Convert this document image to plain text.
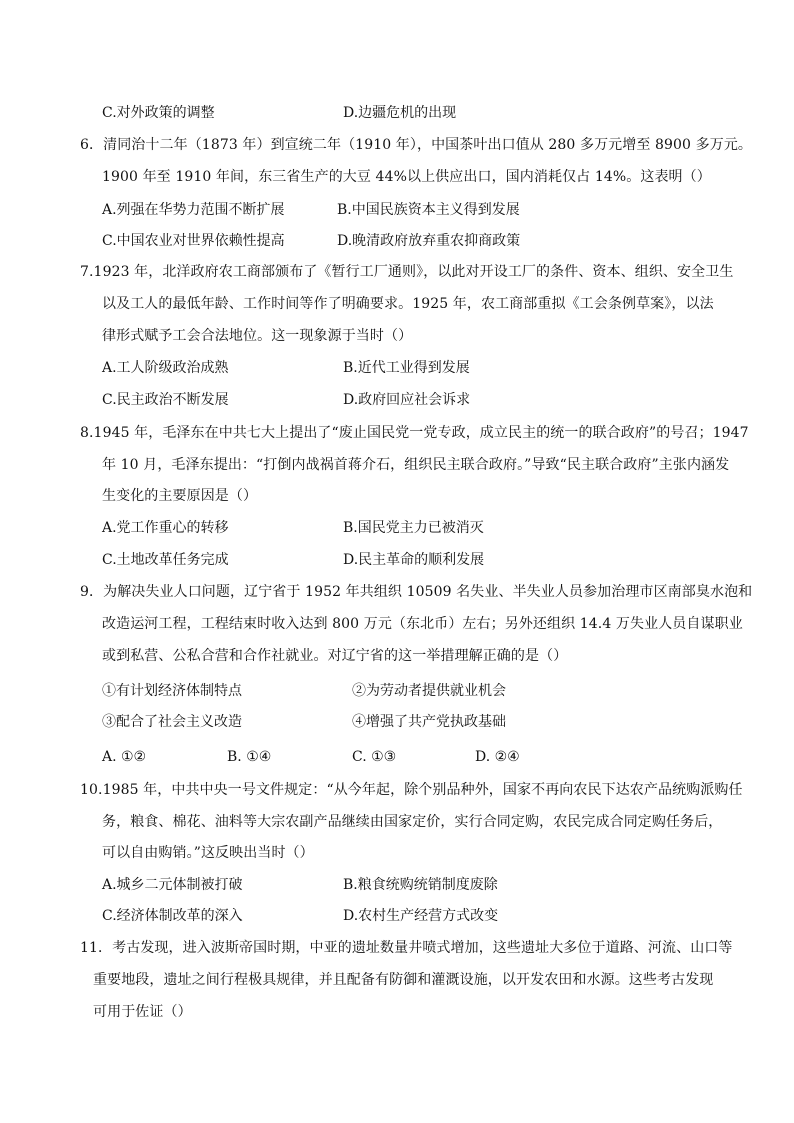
C.对外政策的调整	D.边疆危机的出现
6．清同治十二年（1873 年）到宣统二年（1910 年），中国茶叶出口值从 280 多万元增至 8900 多万元。
1900 年至 1910 年间，东三省生产的大豆 44%以上供应出口，国内消耗仅占 14%。这表明（）
A.列强在华势力范围不断扩展	B.中国民族资本主义得到发展
C.中国农业对世界依赖性提高	D.晚清政府放弃重农抑商政策
7.1923 年，北洋政府农工商部颁布了《暂行工厂通则》，以此对开设工厂的条件、资本、组织、安全卫生
以及工人的最低年龄、工作时间等作了明确要求。1925 年，农工商部重拟《工会条例草案》，以法
律形式赋予工会合法地位。这一现象源于当时（）
A.工人阶级政治成熟	B.近代工业得到发展
C.民主政治不断发展	D.政府回应社会诉求
8.1945 年，毛泽东在中共七大上提出了“废止国民党一党专政，成立民主的统一的联合政府”的号召；1947
年 10 月，毛泽东提出：“打倒内战祸首蒋介石，组织民主联合政府。”导致“民主联合政府”主张内涵发
生变化的主要原因是（）
A.党工作重心的转移	B.国民党主力已被消灭
C.土地改革任务完成	D.民主革命的顺利发展
9．为解决失业人口问题，辽宁省于 1952 年共组织 10509 名失业、半失业人员参加治理市区南部臭水泡和
改造运河工程，工程结束时收入达到 800 万元（东北币）左右；另外还组织 14.4 万失业人员自谋职业
或到私营、公私合营和合作社就业。对辽宁省的这一举措理解正确的是（）
①有计划经济体制特点	②为劳动者提供就业机会
③配合了社会主义改造	④增强了共产党执政基础
A. ①②	B. ①④	C. ①③	D. ②④
10.1985 年，中共中央一号文件规定：“从今年起，除个别品种外，国家不再向农民下达农产品统购派购任
务，粮食、棉花、油料等大宗农副产品继续由国家定价，实行合同定购，农民完成合同定购任务后，
可以自由购销。”这反映出当时（）
A.城乡二元体制被打破	B.粮食统购统销制度废除
C.经济体制改革的深入	D.农村生产经营方式改变
11．考古发现，进入波斯帝国时期，中亚的遗址数量井喷式增加，这些遗址大多位于道路、河流、山口等
重要地段，遗址之间行程极具规律，并且配备有防御和灌溉设施，以开发农田和水源。这些考古发现
可用于佐证（）
